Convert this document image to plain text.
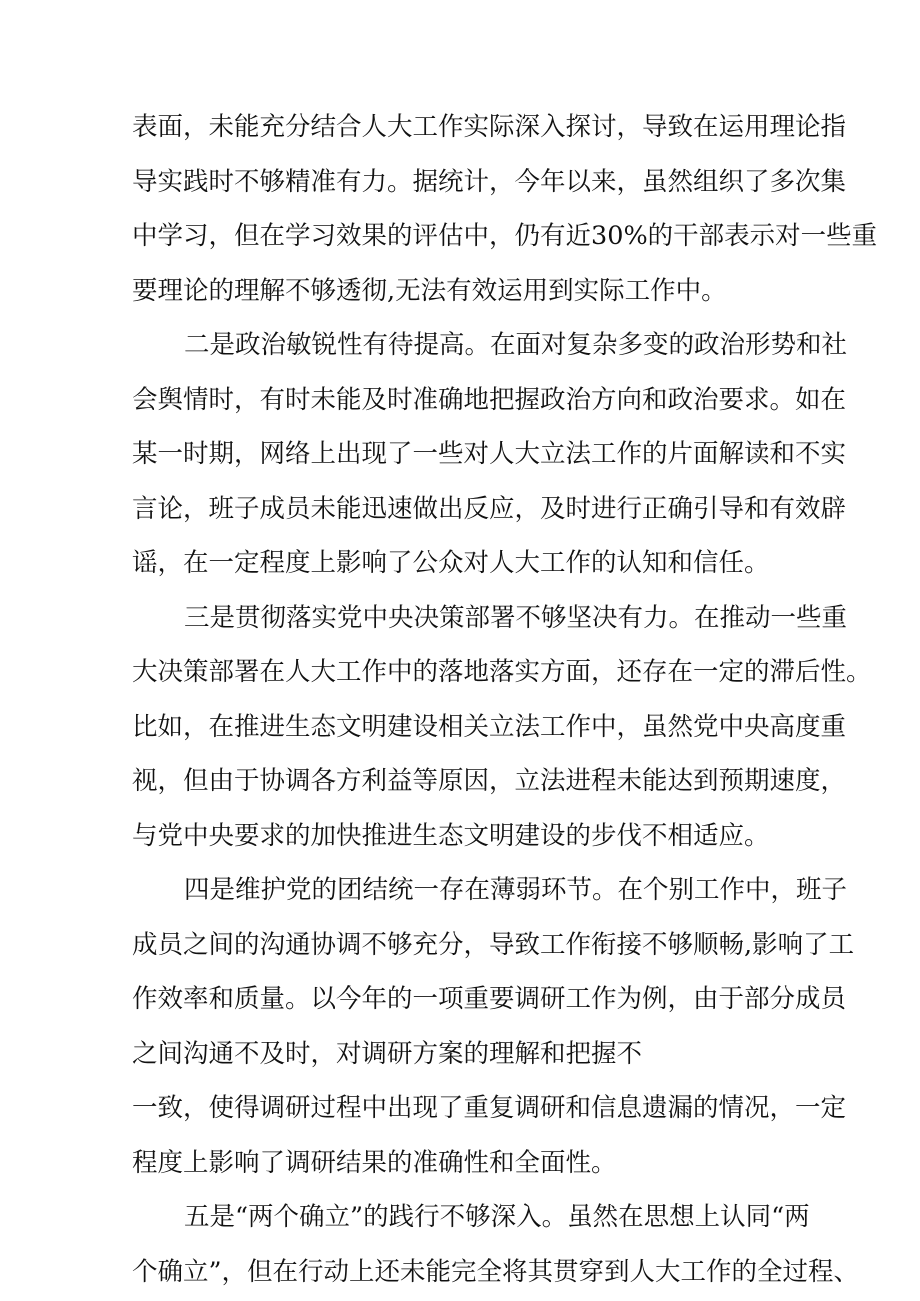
表面，未能充分结合人大工作实际深入探讨，导致在运用理论指
导实践时不够精准有力。据统计，今年以来，虽然组织了多次集
中学习，但在学习效果的评估中，仍有近30%的干部表示对一些重
要理论的理解不够透彻,无法有效运用到实际工作中。
二是政治敏锐性有待提高。在面对复杂多变的政治形势和社
会舆情时，有时未能及时准确地把握政治方向和政治要求。如在
某一时期，网络上出现了一些对人大立法工作的片面解读和不实
言论，班子成员未能迅速做出反应，及时进行正确引导和有效辟
谣，在一定程度上影响了公众对人大工作的认知和信任。
三是贯彻落实党中央决策部署不够坚决有力。在推动一些重
大决策部署在人大工作中的落地落实方面，还存在一定的滞后性。
比如，在推进生态文明建设相关立法工作中，虽然党中央高度重
视，但由于协调各方利益等原因，立法进程未能达到预期速度，
与党中央要求的加快推进生态文明建设的步伐不相适应。
四是维护党的团结统一存在薄弱环节。在个别工作中，班子
成员之间的沟通协调不够充分，导致工作衔接不够顺畅,影响了工
作效率和质量。以今年的一项重要调研工作为例，由于部分成员
之间沟通不及时，对调研方案的理解和把握不
一致，使得调研过程中出现了重复调研和信息遗漏的情况，一定
程度上影响了调研结果的准确性和全面性。
五是“两个确立”的践行不够深入。虽然在思想上认同“两
个确立”，但在行动上还未能完全将其贯穿到人大工作的全过程、
